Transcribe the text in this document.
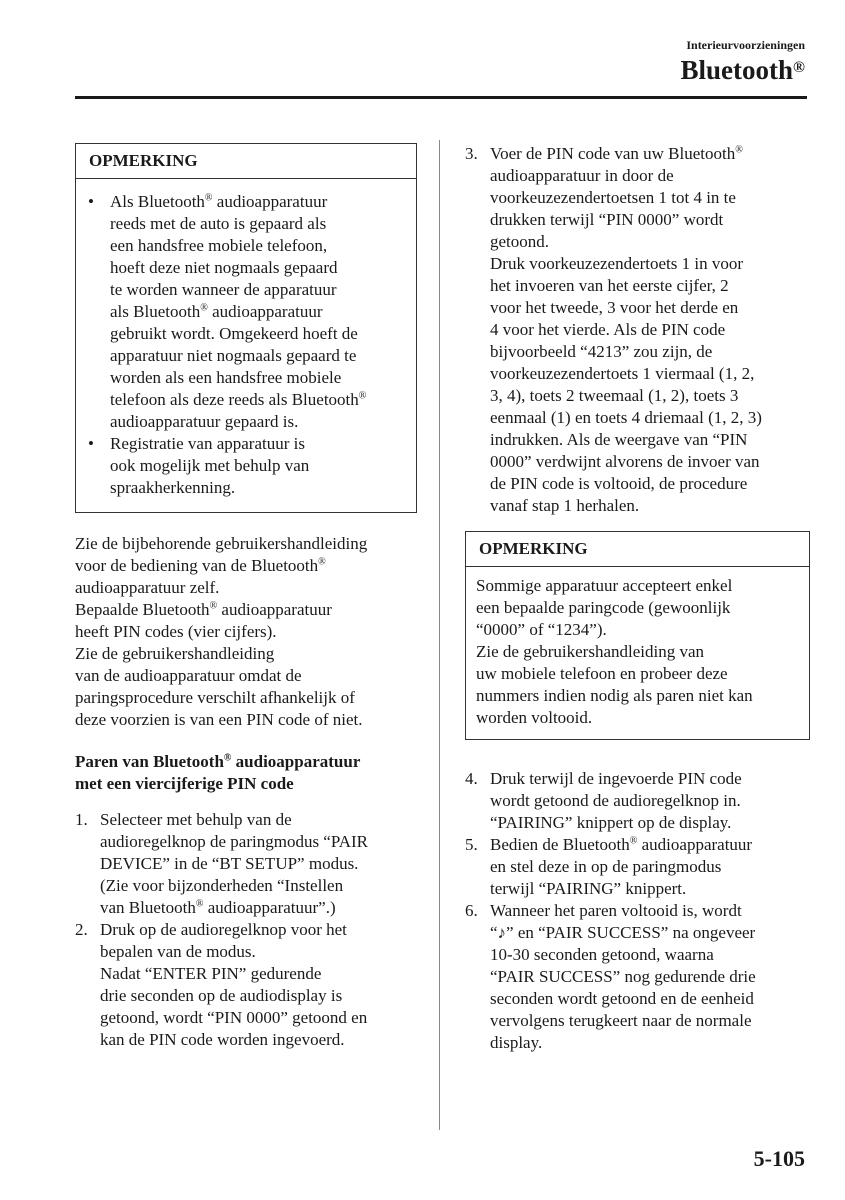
Interieurvoorzieningen
Bluetooth®
OPMERKING
• Als Bluetooth® audioapparatuur
reeds met de auto is gepaard als
een handsfree mobiele telefoon,
hoeft deze niet nogmaals gepaard
te worden wanneer de apparatuur
als Bluetooth® audioapparatuur
gebruikt wordt. Omgekeerd hoeft de
apparatuur niet nogmaals gepaard te
worden als een handsfree mobiele
telefoon als deze reeds als Bluetooth®
audioapparatuur gepaard is.
• Registratie van apparatuur is
ook mogelijk met behulp van
spraakherkenning.
Zie de bijbehorende gebruikershandleiding
voor de bediening van de Bluetooth®
audioapparatuur zelf.
Bepaalde Bluetooth® audioapparatuur
heeft PIN codes (vier cijfers).
Zie de gebruikershandleiding
van de audioapparatuur omdat de
paringsprocedure verschilt afhankelijk of
deze voorzien is van een PIN code of niet.
Paren van Bluetooth® audioapparatuur
met een viercijferige PIN code
1. Selecteer met behulp van de
audioregelknop de paringmodus “PAIR
DEVICE” in de “BT SETUP” modus.
(Zie voor bijzonderheden “Instellen
van Bluetooth® audioapparatuur”.)
2. Druk op de audioregelknop voor het
bepalen van de modus.
Nadat “ENTER PIN” gedurende
drie seconden op de audiodisplay is
getoond, wordt “PIN 0000” getoond en
kan de PIN code worden ingevoerd.
3. Voer de PIN code van uw Bluetooth®
audioapparatuur in door de
voorkeuzezendertoetsen 1 tot 4 in te
drukken terwijl “PIN 0000” wordt
getoond.
Druk voorkeuzezendertoets 1 in voor
het invoeren van het eerste cijfer, 2
voor het tweede, 3 voor het derde en
4 voor het vierde. Als de PIN code
bijvoorbeeld “4213” zou zijn, de
voorkeuzezendertoets 1 viermaal (1, 2,
3, 4), toets 2 tweemaal (1, 2), toets 3
eenmaal (1) en toets 4 driemaal (1, 2, 3)
indrukken. Als de weergave van “PIN
0000” verdwijnt alvorens de invoer van
de PIN code is voltooid, de procedure
vanaf stap 1 herhalen.
OPMERKING
Sommige apparatuur accepteert enkel
een bepaalde paringcode (gewoonlijk
“0000” of “1234”).
Zie de gebruikershandleiding van
uw mobiele telefoon en probeer deze
nummers indien nodig als paren niet kan
worden voltooid.
4. Druk terwijl de ingevoerde PIN code
wordt getoond de audioregelknop in.
“PAIRING” knippert op de display.
5. Bedien de Bluetooth® audioapparatuur
en stel deze in op de paringmodus
terwijl “PAIRING” knippert.
6. Wanneer het paren voltooid is, wordt
“♪” en “PAIR SUCCESS” na ongeveer
10-30 seconden getoond, waarna
“PAIR SUCCESS” nog gedurende drie
seconden wordt getoond en de eenheid
vervolgens terugkeert naar de normale
display.
5-105
